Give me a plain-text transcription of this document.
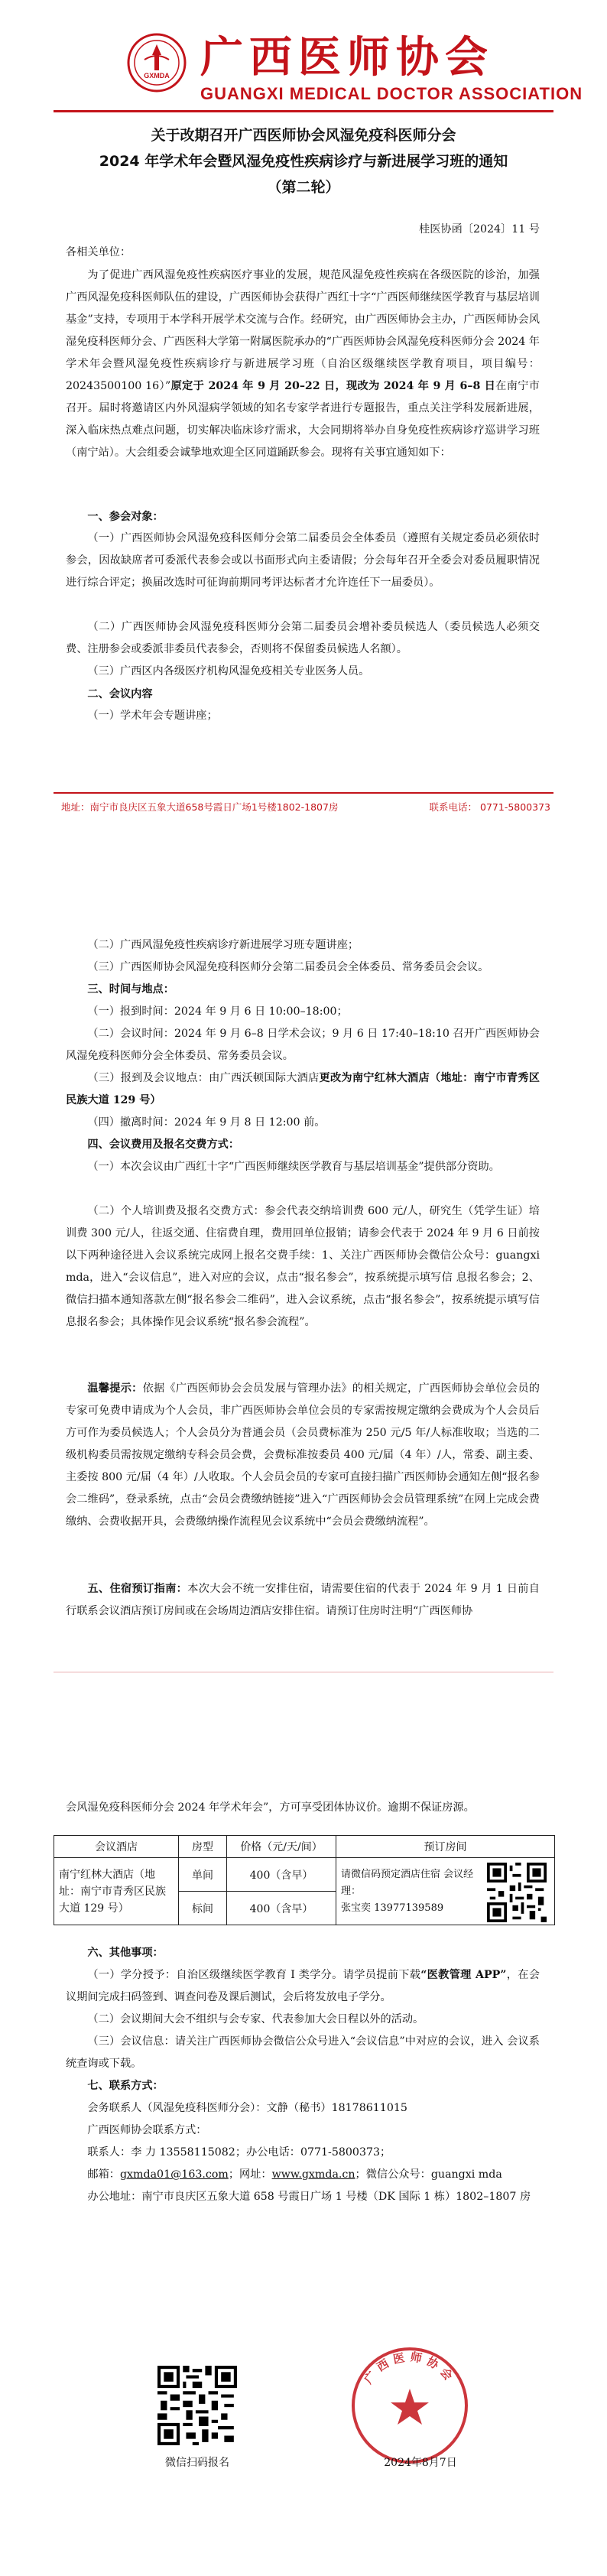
GXMDA 广西医师协会
GUANGXI MEDICAL DOCTOR ASSOCIATION
关于改期召开广西医师协会风湿免疫科医师分会
2024 年学术年会暨风湿免疫性疾病诊疗与新进展学习班的通知
（第二轮）
桂医协函〔2024〕11 号
各相关单位：
为了促进广西风湿免疫性疾病医疗事业的发展，规范风湿免疫性疾病在各级医院的诊治，加强广西风湿免疫科医师队伍的建设，广西医师协会获得广西红十字“广西医师继续医学教育与基层培训基金”支持，专项用于本学科开展学术交流与合作。经研究，由广西医师协会主办，广西医师协会风湿免疫科医师分会、广西医科大学第一附属医院承办的“广西医师协会风湿免疫科医师分会 2024 年学术年会暨风湿免疫性疾病诊疗与新进展学习班（自治区级继续医学教育项目，项目编号：20243500100 16）”原定于 2024 年 9 月 20–22 日，现改为 2024 年 9 月 6–8 日在南宁市召开。届时将邀请区内外风湿病学领域的知名专家学者进行专题报告，重点关注学科发展新进展，深入临床热点难点问题，切实解决临床诊疗需求，大会同期将举办自身免疫性疾病诊疗巡讲学习班（南宁站）。大会组委会诚挚地欢迎全区同道踊跃参会。现将有关事宜通知如下：
一、参会对象：
（一）广西医师协会风湿免疫科医师分会第二届委员会全体委员（遵照有关规定委员必须依时参会，因故缺席者可委派代表参会或以书面形式向主委请假；分会每年召开全委会对委员履职情况进行综合评定；换届改选时可征询前期同考评达标者才允许连任下一届委员）。
（二）广西医师协会风湿免疫科医师分会第二届委员会增补委员候选人（委员候选人必须交费、注册参会或委派非委员代表参会，否则将不保留委员候选人名额）。
（三）广西区内各级医疗机构风湿免疫相关专业医务人员。
二、会议内容
（一）学术年会专题讲座；
地址：南宁市良庆区五象大道658号霞日广场1号楼1802-1807房	联系电话： 0771-5800373
（二）广西风湿免疫性疾病诊疗新进展学习班专题讲座；
（三）广西医师协会风湿免疫科医师分会第二届委员会全体委员、常务委员会会议。
三、时间与地点：
（一）报到时间：2024 年 9 月 6 日 10:00–18:00；
（二）会议时间：2024 年 9 月 6–8 日学术会议；9 月 6 日 17:40–18:10 召开广西医师协会风湿免疫科医师分会全体委员、常务委员会议。
（三）报到及会议地点：由广西沃顿国际大酒店更改为南宁红林大酒店（地址：南宁市青秀区民族大道 129 号）
（四）撤离时间：2024 年 9 月 8 日 12:00 前。
四、会议费用及报名交费方式：
（一）本次会议由广西红十字“广西医师继续医学教育与基层培训基金”提供部分资助。
（二）个人培训费及报名交费方式：参会代表交纳培训费 600 元/人，研究生（凭学生证）培训费 300 元/人，往返交通、住宿费自理，费用回单位报销；请参会代表于 2024 年 9 月 6 日前按以下两种途径进入会议系统完成网上报名交费手续：1、关注广西医师协会微信公众号：guangxi mda，进入“会议信息”，进入对应的会议，点击“报名参会”，按系统提示填写信 息报名参会；2、微信扫描本通知落款左侧“报名参会二维码”，进入会议系统，点击“报名参会”，按系统提示填写信息报名参会；具体操作见会议系统“报名参会流程”。
温馨提示：依据《广西医师协会会员发展与管理办法》的相关规定，广西医师协会单位会员的专家可免费申请成为个人会员，非广西医师协会单位会员的专家需按规定缴纳会费成为个人会员后方可作为委员候选人；个人会员分为普通会员（会员费标准为 250 元/5 年/人标准收取；当选的二级机构委员需按规定缴纳专科会员会费，会费标准按委员 400 元/届（4 年）/人，常委、副主委、主委按 800 元/届（4 年）/人收取。个人会员会员的专家可直接扫描广西医师协会通知左侧“报名参会二维码”，登录系统，点击“会员会费缴纳链接”进入“广西医师协会会员管理系统”在网上完成会费缴纳、会费收据开具，会费缴纳操作流程见会议系统中“会员会费缴纳流程”。
五、住宿预订指南：本次大会不统一安排住宿，请需要住宿的代表于 2024 年 9 月 1 日前自行联系会议酒店预订房间或在会场周边酒店安排住宿。请预订住房时注明“广西医师协
会风湿免疫科医师分会 2024 年学术年会”，方可享受团体协议价。逾期不保证房源。
会议酒店	房型	价格（元/天/间）	预订房间
南宁红林大酒店（地址：南宁市青秀区民族大道 129 号）	单间	400（含早）	请微信码预定酒店住宿 会议经理：
张宝奕 13977139589

	标间	400（含早）	
六、其他事项：
（一）学分授予：自治区级继续医学教育 I 类学分。请学员提前下载“医教管理 APP”，在会议期间完成扫码签到、调查问卷及课后测试，会后将发放电子学分。
（二）会议期间大会不组织与会专家、代表参加大会日程以外的活动。
（三）会议信息：请关注广西医师协会微信公众号进入“会议信息”中对应的会议，进入 会议系统查询或下载。
七、联系方式：
会务联系人（风湿免疫科医师分会）：文静（秘书）18178611015
广西医师协会联系方式：
联系人：李 力 13558115082；办公电话：0771-5800373；
邮箱：gxmda01@163.com；网址：www.gxmda.cn；微信公众号：guangxi mda
办公地址：南宁市良庆区五象大道 658 号霞日广场 1 号楼（DK 国际 1 栋）1802–1807 房
微信扫码报名
广西医师协会
2024年8月7日
